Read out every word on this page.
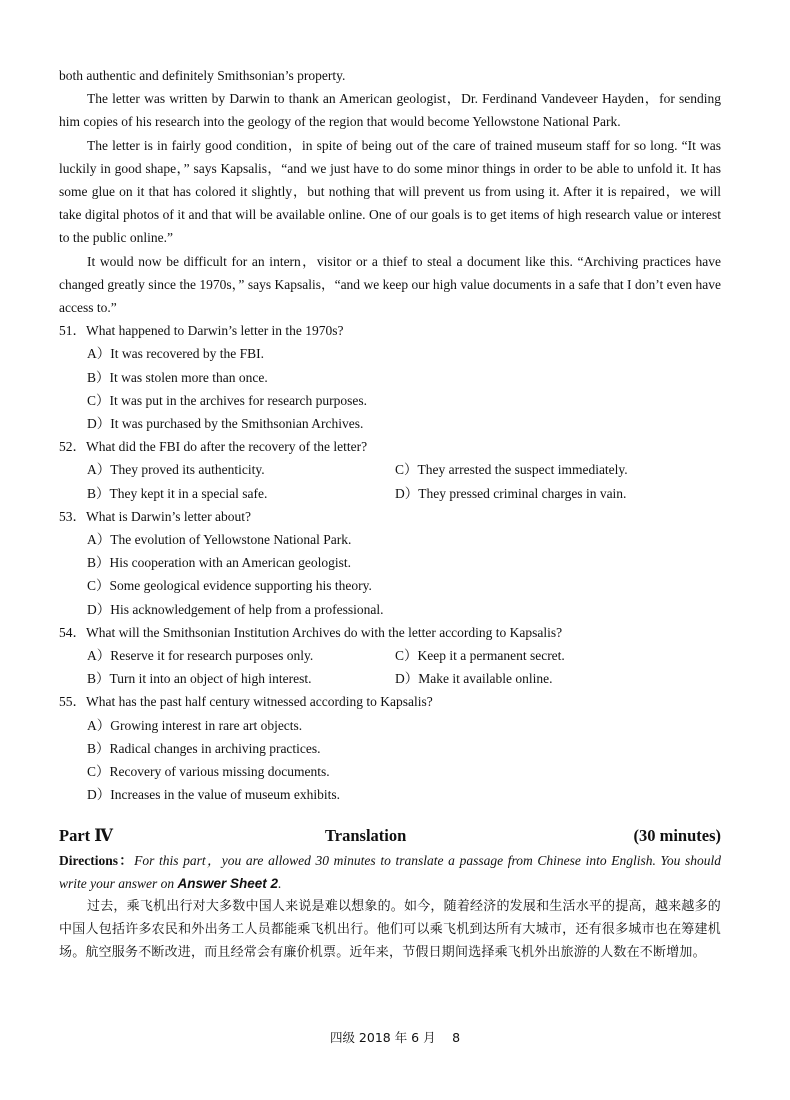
both authentic and definitely Smithsonian’s property.

The letter was written by Darwin to thank an American geologist，Dr. Ferdinand Vandeveer Hayden，for sending him copies of his research into the geology of the region that would become Yellowstone National Park.

The letter is in fairly good condition，in spite of being out of the care of trained museum staff for so long. “It was luckily in good shape，” says Kapsalis，“and we just have to do some minor things in order to be able to unfold it. It has some glue on it that has colored it slightly，but nothing that will prevent us from using it. After it is repaired，we will take digital photos of it and that will be available online. One of our goals is to get items of high research value or interest to the public online.”

It would now be difficult for an intern，visitor or a thief to steal a document like this. “Archiving practices have changed greatly since the 1970s，” says Kapsalis，“and we keep our high value documents in a safe that I don’t even have access to.”

51．What happened to Darwin’s letter in the 1970s?
A）It was recovered by the FBI.
B）It was stolen more than once.
C）It was put in the archives for research purposes.
D）It was purchased by the Smithsonian Archives.
52．What did the FBI do after the recovery of the letter?
A）They proved its authenticity.	C）They arrested the suspect immediately.
B）They kept it in a special safe.	D）They pressed criminal charges in vain.
53．What is Darwin’s letter about?
A）The evolution of Yellowstone National Park.
B）His cooperation with an American geologist.
C）Some geological evidence supporting his theory.
D）His acknowledgement of help from a professional.
54．What will the Smithsonian Institution Archives do with the letter according to Kapsalis?
A）Reserve it for research purposes only.	C）Keep it a permanent secret.
B）Turn it into an object of high interest.	D）Make it available online.
55．What has the past half century witnessed according to Kapsalis?
A）Growing interest in rare art objects.
B）Radical changes in archiving practices.
C）Recovery of various missing documents.
D）Increases in the value of museum exhibits.
Part Ⅳ	Translation	(30 minutes)

Directions：For this part，you are allowed 30 minutes to translate a passage from Chinese into English. You should write your answer on Answer Sheet 2.

过去，乘飞机出行对大多数中国人来说是难以想象的。如今，随着经济的发展和生活水平的提高，越来越多的中国人包括许多农民和外出务工人员都能乘飞机出行。他们可以乘飞机到达所有大城市，还有很多城市也在筹建机场。航空服务不断改进，而且经常会有廉价机票。近年来，节假日期间选择乘飞机外出旅游的人数在不断增加。

四级 2018 年 6 月　 8
